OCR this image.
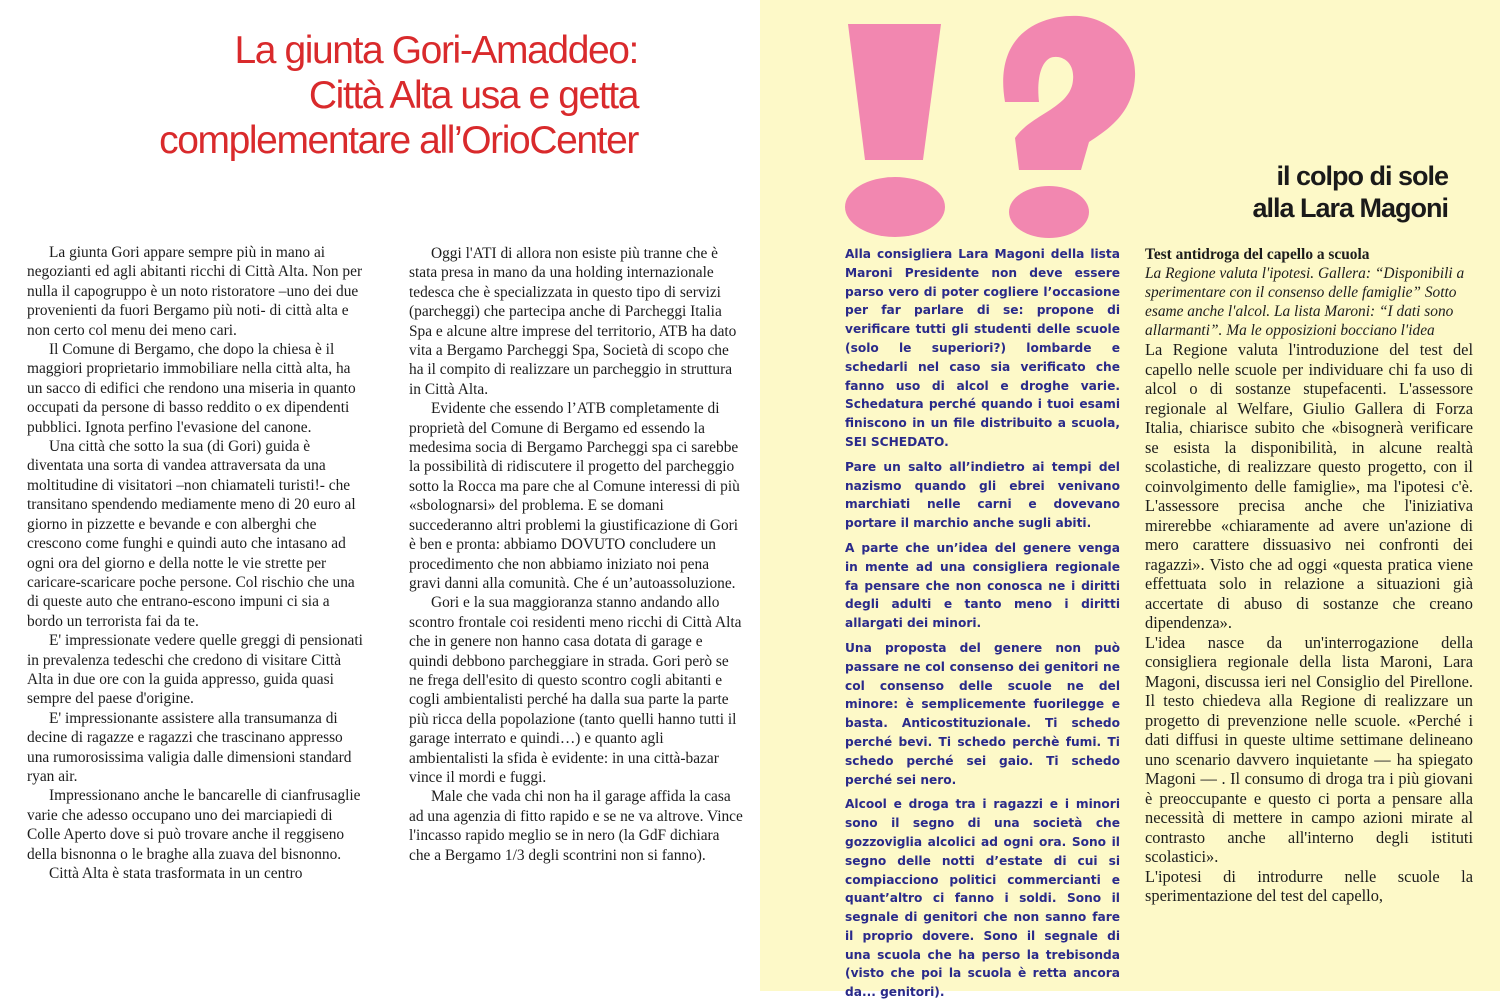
La giunta Gori-Amaddeo:
Città Alta usa e getta
complementare all’OrioCenter

La giunta Gori appare sempre più in mano ai negozianti ed agli abitanti ricchi di Città Alta. Non per nulla il capogruppo è un noto ristoratore –uno dei due provenienti da fuori Bergamo più noti- di città alta e non certo col menu dei meno cari.

Il Comune di Bergamo, che dopo la chiesa è il maggiori proprietario immobiliare nella città alta, ha un sacco di edifici che rendono una miseria in quanto occupati da persone di basso reddito o ex dipendenti pubblici. Ignota perfino l'evasione del canone.

Una città che sotto la sua (di Gori) guida è diventata una sorta di vandea attraversata da una moltitudine di visitatori –non chiamateli turisti!- che transitano spendendo mediamente meno di 20 euro al giorno in pizzette e bevande e con alberghi che crescono come funghi e quindi auto che intasano ad ogni ora del giorno e della notte le vie strette per caricare-scaricare poche persone. Col rischio che una di queste auto che entrano-escono impuni ci sia a bordo un terrorista fai da te.

E' impressionate vedere quelle greggi di pensionati in prevalenza tedeschi che credono di visitare Città Alta in due ore con la guida appresso, guida quasi sempre del paese d'origine.

E' impressionante assistere alla transumanza di decine di ragazze e ragazzi che trascinano appresso una rumorosissima valigia dalle dimensioni standard ryan air.

Impressionano anche le bancarelle di cianfrusaglie varie che adesso occupano uno dei marciapiedi di Colle Aperto dove si può trovare anche il reggiseno della bisnonna o le braghe alla zuava del bisnonno.

Città Alta è stata trasformata in un centro

Oggi l'ATI di allora non esiste più tranne che è stata presa in mano da una holding internazionale tedesca che è specializzata in questo tipo di servizi (parcheggi) che partecipa anche di Parcheggi Italia Spa e alcune altre imprese del territorio, ATB ha dato vita a Bergamo Parcheggi Spa, Società di scopo che ha il compito di realizzare un parcheggio in struttura in Città Alta.

Evidente che essendo l’ATB completamente di proprietà del Comune di Bergamo ed essendo la medesima socia di Bergamo Parcheggi spa ci sarebbe la possibilità di ridiscutere il progetto del parcheggio sotto la Rocca ma pare che al Comune interessi di più «sbolognarsi» del problema. E se domani succederanno altri problemi la giustificazione di Gori è ben e pronta: abbiamo DOVUTO concludere un procedimento che non abbiamo iniziato noi pena gravi danni alla comunità. Che é un’autoassoluzione.

Gori e la sua maggioranza stanno andando allo scontro frontale coi residenti meno ricchi di Città Alta che in genere non hanno casa dotata di garage e quindi debbono parcheggiare in strada. Gori però se ne frega dell'esito di questo scontro cogli abitanti e cogli ambientalisti perché ha dalla sua parte la parte più ricca della popolazione (tanto quelli hanno tutti il garage interrato e quindi…) e quanto agli ambientalisti la sfida è evidente: in una città-bazar vince il mordi e fuggi.

Male che vada chi non ha il garage affida la casa ad una agenzia di fitto rapido e se ne va altrove. Vince l'incasso rapido meglio se in nero (la GdF dichiara che a Bergamo 1/3 degli scontrini non si fanno).

il colpo di sole
alla Lara Magoni

Alla consigliera Lara Magoni della lista Maroni Presidente non deve essere parso vero di poter cogliere l’occasione per far parlare di se: propone di verificare tutti gli studenti delle scuole (solo le superiori?) lombarde e schedarli nel caso sia verificato che fanno uso di alcol e droghe varie. Schedatura perché quando i tuoi esami finiscono in un file distribuito a scuola, SEI SCHEDATO.

Pare un salto all’indietro ai tempi del nazismo quando gli ebrei venivano marchiati nelle carni e dovevano portare il marchio anche sugli abiti.

A parte che un’idea del genere venga in mente ad una consigliera regionale fa pensare che non conosca ne i diritti degli adulti e tanto meno i diritti allargati dei minori.

Una proposta del genere non può passare ne col consenso dei genitori ne col consenso delle scuole ne del minore: è semplicemente fuorilegge e basta. Anticostituzionale. Ti schedo perché bevi. Ti schedo perchè fumi. Ti schedo perché sei gaio. Ti schedo perché sei nero.

Alcool e droga tra i ragazzi e i minori sono il segno di una società che gozzoviglia alcolici ad ogni ora. Sono il segno delle notti d’estate di cui si compiacciono politici commercianti e quant’altro ci fanno i soldi. Sono il segnale di genitori che non sanno fare il proprio dovere. Sono il segnale di una scuola che ha perso la trebisonda (visto che poi la scuola è retta ancora da... genitori).

Test antidroga del capello a scuola

La Regione valuta l'ipotesi. Gallera: “Disponibili a sperimentare con il consenso delle famiglie” Sotto esame anche l'alcol. La lista Maroni: “I dati sono allarmanti”. Ma le opposizioni bocciano l'idea

La Regione valuta l'introduzione del test del capello nelle scuole per individuare chi fa uso di alcol o di sostanze stupefacenti. L'assessore regionale al Welfare, Giulio Gallera di Forza Italia, chiarisce subito che «bisognerà verificare se esista la disponibilità, in alcune realtà scolastiche, di realizzare questo progetto, con il coinvolgimento delle famiglie», ma l'ipotesi c'è. L'assessore precisa anche che l'iniziativa mirerebbe «chiaramente ad avere un'azione di mero carattere dissuasivo nei confronti dei ragazzi». Visto che ad oggi «questa pratica viene effettuata solo in relazione a situazioni già accertate di abuso di sostanze che creano dipendenza».

L'idea nasce da un'interrogazione della consigliera regionale della lista Maroni, Lara Magoni, discussa ieri nel Consiglio del Pirellone. Il testo chiedeva alla Regione di realizzare un progetto di prevenzione nelle scuole. «Perché i dati diffusi in queste ultime settimane delineano uno scenario davvero inquietante — ha spiegato Magoni — . Il consumo di droga tra i più giovani è preoccupante e questo ci porta a pensare alla necessità di mettere in campo azioni mirate al contrasto anche all'interno degli istituti scolastici».

L'ipotesi di introdurre nelle scuole la sperimentazione del test del capello,
